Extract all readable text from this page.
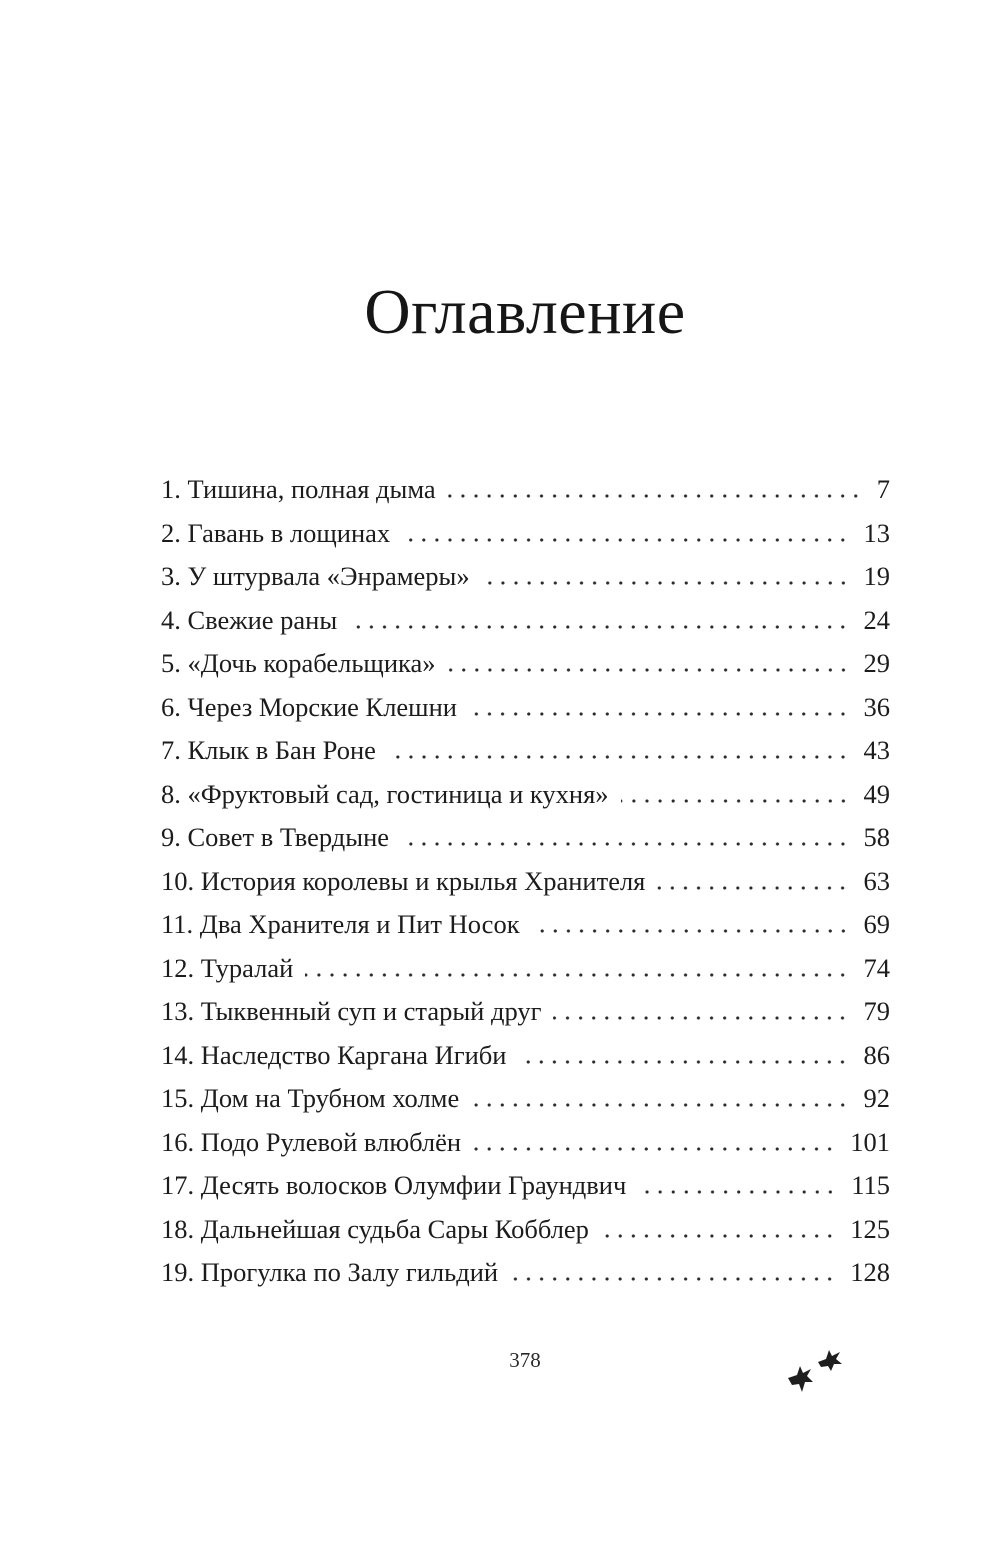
Оглавление
1. Тишина, полная дыма	7
2. Гавань в лощинах	13
3. У штурвала «Энрамеры»	19
4. Свежие раны	24
5. «Дочь корабельщика»	29
6. Через Морские Клешни	36
7. Клык в Бан Роне	43
8. «Фруктовый сад, гостиница и кухня»	49
9. Совет в Твердыне	58
10. История королевы и крылья Хранителя	63
11. Два Хранителя и Пит Носок	69
12. Туралай	74
13. Тыквенный суп и старый друг	79
14. Наследство Каргана Игиби	86
15. Дом на Трубном холме	92
16. Подо Рулевой влюблён	101
17. Десять волосков Олумфии Граундвич	115
18. Дальнейшая судьба Сары Кобблер	125
19. Прогулка по Залу гильдий	128
378
